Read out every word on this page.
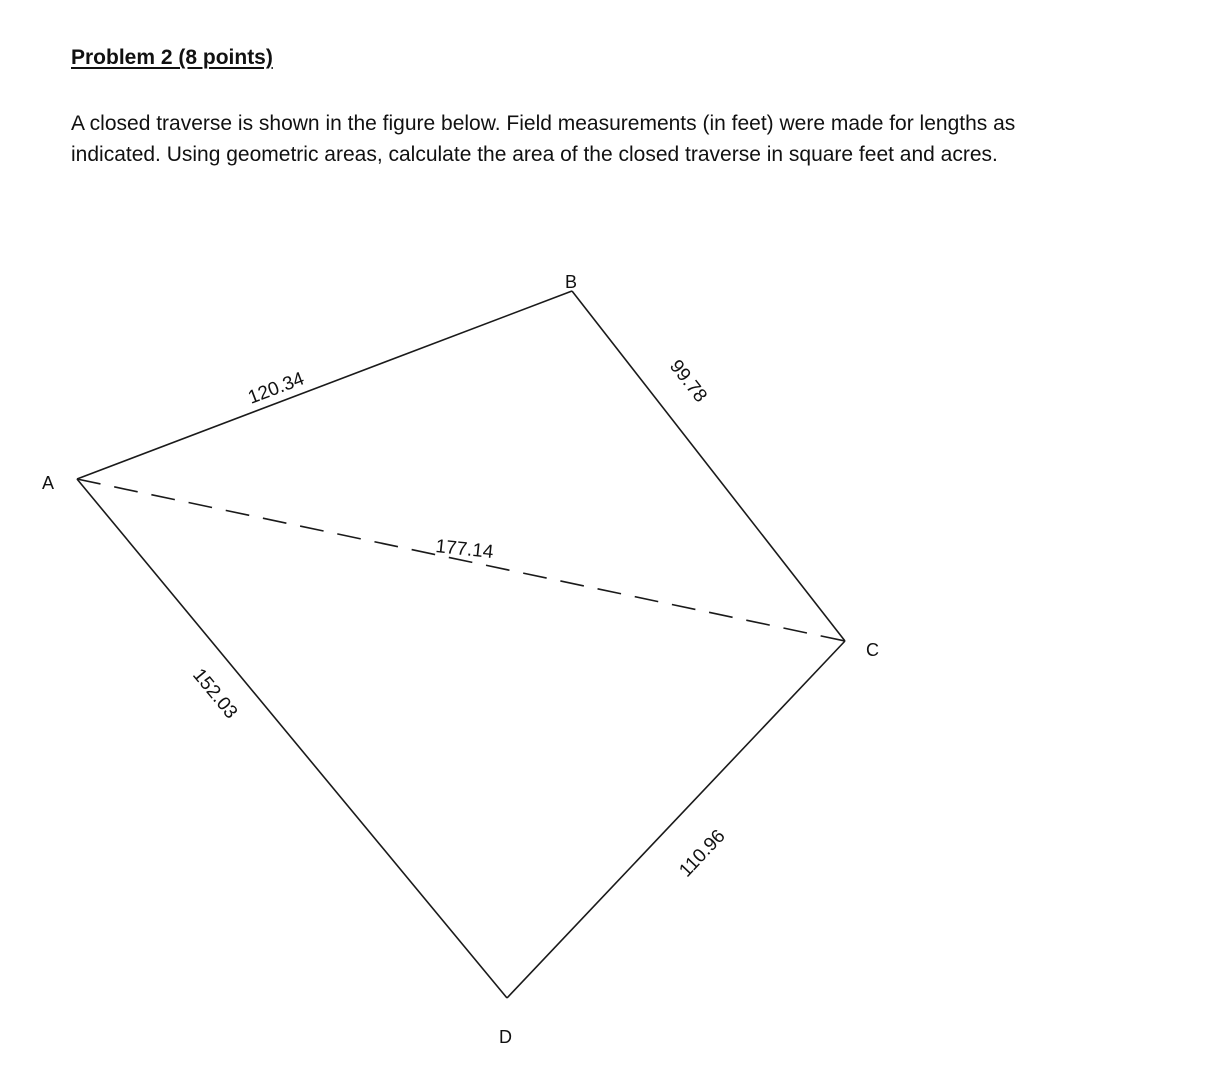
Problem 2 (8 points)
A closed traverse is shown in the figure below. Field measurements (in feet) were made for lengths as
indicated. Using geometric areas, calculate the area of the closed traverse in square feet and acres.
A
B
C
D
120.34	99.78
110.96
152.03
177.14
